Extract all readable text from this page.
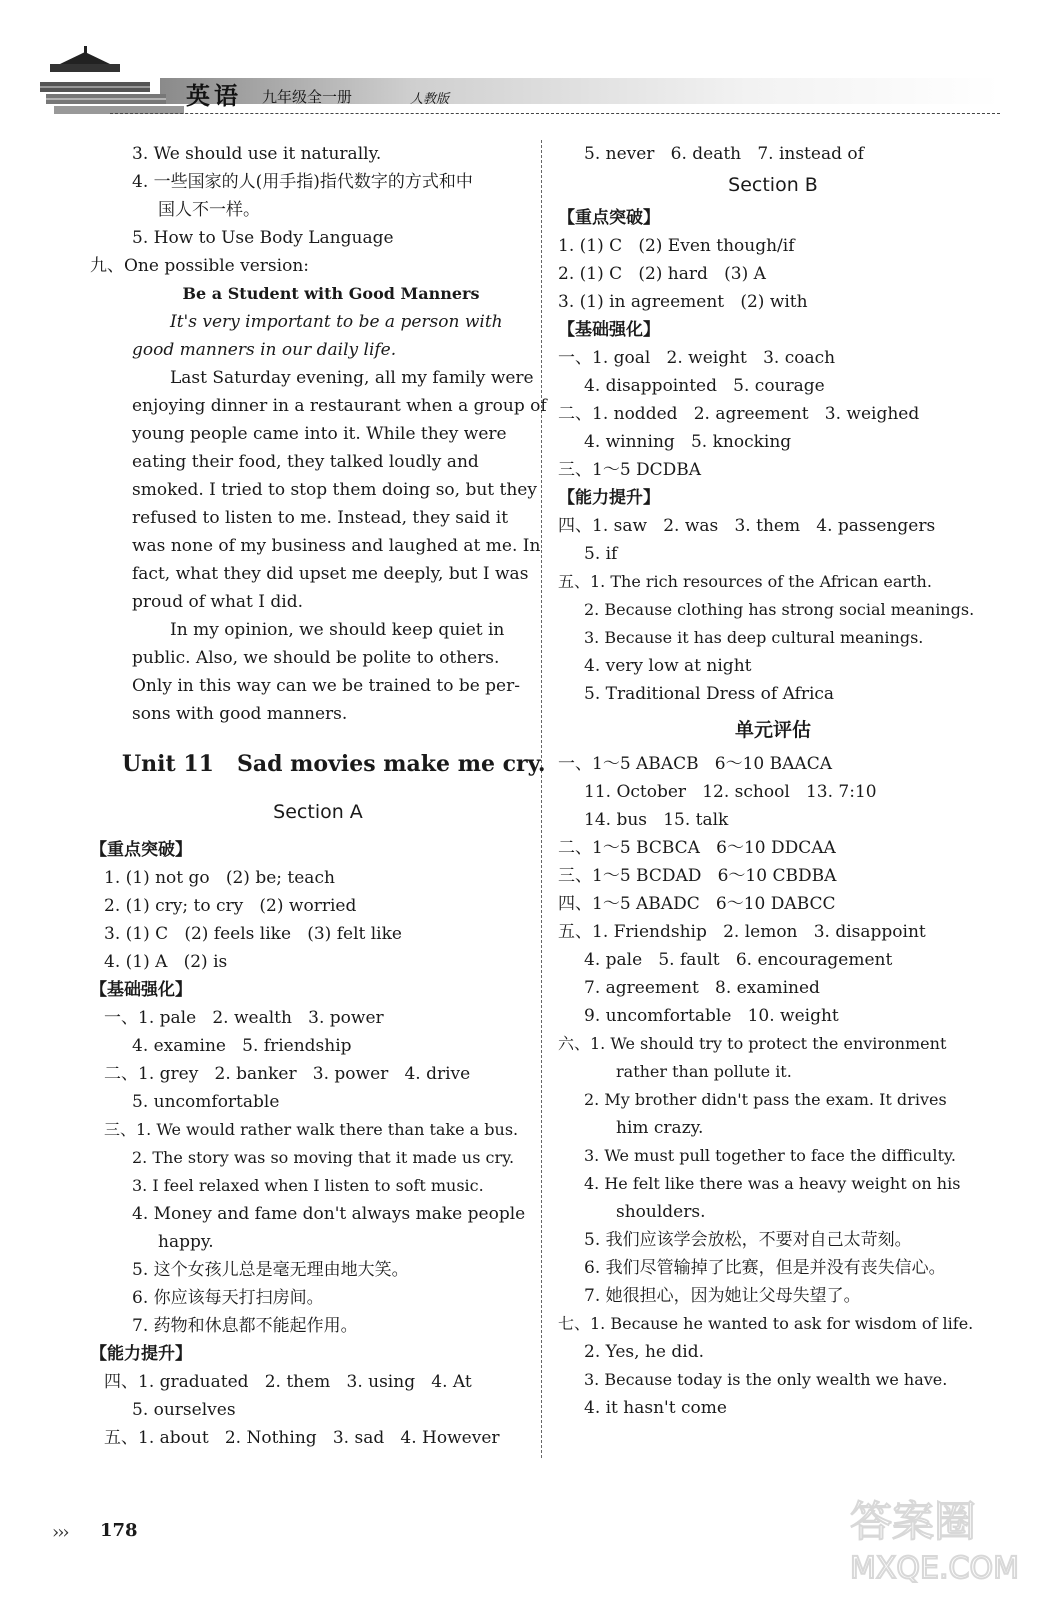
英语 九年级全一册	人教版
3. We should use it naturally.
4. 一些国家的人(用手指)指代数字的方式和中
国人不一样。
5. How to Use Body Language
九、One possible version:
Be a Student with Good Manners
It's very important to be a person with
good manners in our daily life.
Last Saturday evening, all my family were
enjoying dinner in a restaurant when a group of
young people came into it. While they were
eating their food, they talked loudly and
smoked. I tried to stop them doing so, but they
refused to listen to me. Instead, they said it
was none of my business and laughed at me. In
fact, what they did upset me deeply, but I was
proud of what I did.
In my opinion, we should keep quiet in
public. Also, we should be polite to others.
Only in this way can we be trained to be per-
sons with good manners.
Unit 11   Sad movies make me cry.
Section A
【重点突破】
1. (1) not go   (2) be; teach
2. (1) cry; to cry   (2) worried
3. (1) C   (2) feels like   (3) felt like
4. (1) A   (2) is
【基础强化】
一、1. pale   2. wealth   3. power
4. examine   5. friendship
二、1. grey   2. banker   3. power   4. drive
5. uncomfortable
三、1. We would rather walk there than take a bus.
2. The story was so moving that it made us cry.
3. I feel relaxed when I listen to soft music.
4. Money and fame don't always make people
happy.
5. 这个女孩儿总是毫无理由地大笑。
6. 你应该每天打扫房间。
7. 药物和休息都不能起作用。
【能力提升】
四、1. graduated   2. them   3. using   4. At
5. ourselves
五、1. about   2. Nothing   3. sad   4. However
5. never   6. death   7. instead of
Section B
【重点突破】
1. (1) C   (2) Even though/if
2. (1) C   (2) hard   (3) A
3. (1) in agreement   (2) with
【基础强化】
一、1. goal   2. weight   3. coach
4. disappointed   5. courage
二、1. nodded   2. agreement   3. weighed
4. winning   5. knocking
三、1～5 DCDBA
【能力提升】
四、1. saw   2. was   3. them   4. passengers
5. if
五、1. The rich resources of the African earth.
2. Because clothing has strong social meanings.
3. Because it has deep cultural meanings.
4. very low at night
5. Traditional Dress of Africa
单元评估
一、1～5 ABACB   6～10 BAACA
11. October   12. school   13. 7:10
14. bus   15. talk
二、1～5 BCBCA   6～10 DDCAA
三、1～5 BCDAD   6～10 CBDBA
四、1～5 ABADC   6～10 DABCC
五、1. Friendship   2. lemon   3. disappoint
4. pale   5. fault   6. encouragement
7. agreement   8. examined
9. uncomfortable   10. weight
六、1. We should try to protect the environment
rather than pollute it.
2. My brother didn't pass the exam. It drives
him crazy.
3. We must pull together to face the difficulty.
4. He felt like there was a heavy weight on his
shoulders.
5. 我们应该学会放松，不要对自己太苛刻。
6. 我们尽管输掉了比赛，但是并没有丧失信心。
7. 她很担心，因为她让父母失望了。
七、1. Because he wanted to ask for wisdom of life.
2. Yes, he did.
3. Because today is the only wealth we have.
4. it hasn't come
››› 178	答案圈
MXQE.COM
